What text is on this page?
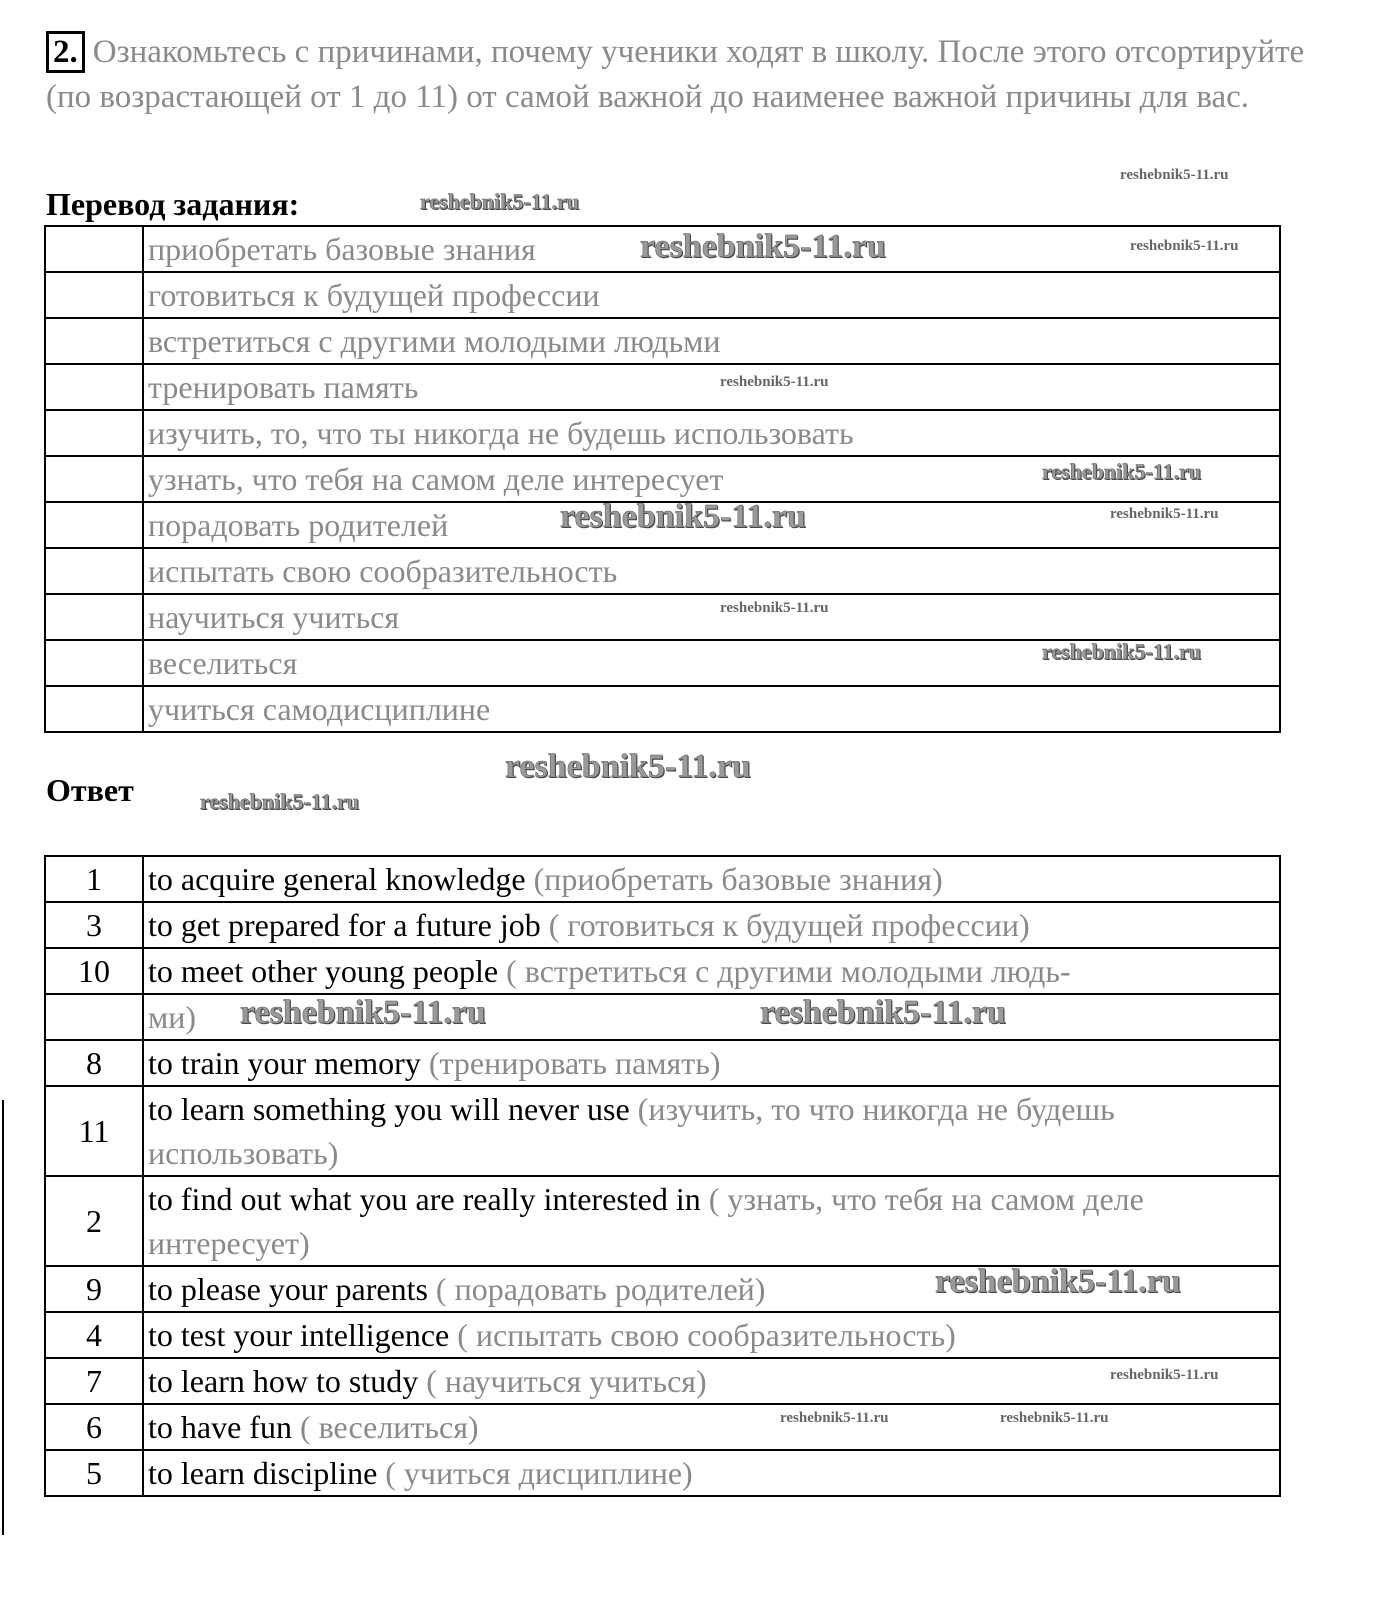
2. Ознакомьтесь с причинами, почему ученики ходят в школу. После этого отсортируйте (по возрастающей от 1 до 11) от самой важной до наименее важной причины для вас.
Перевод задания:
	приобретать базовые знания
	готовиться к будущей профессии
	встретиться с другими молодыми людьми
	тренировать память
	изучить, то, что ты никогда не будешь использовать
	узнать, что тебя на самом деле интересует
	порадовать родителей
	испытать свою сообразительность
	научиться учиться
	веселиться
	учиться самодисциплине
Ответ
1	to acquire general knowledge (приобретать базовые знания)
3	to get prepared for a future job ( готовиться к будущей профессии)
10	to meet other young people ( встретиться с другими молодыми людь-
	ми)
8	to train your memory (тренировать память)
11	to learn something you will never use (изучить, то что никогда не будешь использовать)
2	to find out what you are really interested in ( узнать, что тебя на самом деле интересует)
9	to please your parents ( порадовать родителей)
4	to test your intelligence ( испытать свою сообразительность)
7	to learn how to study ( научиться учиться)
6	to have fun ( веселиться)
5	to learn discipline ( учиться дисциплине)
reshebnik5-11.ru
reshebnik5-11.ru
reshebnik5-11.ru
reshebnik5-11.ru
reshebnik5-11.ru
reshebnik5-11.ru
reshebnik5-11.ru
reshebnik5-11.ru
reshebnik5-11.ru
reshebnik5-11.ru
reshebnik5-11.ru
reshebnik5-11.ru
reshebnik5-11.ru	reshebnik5-11.ru
reshebnik5-11.ru
reshebnik5-11.ru
reshebnik5-11.ru	reshebnik5-11.ru
